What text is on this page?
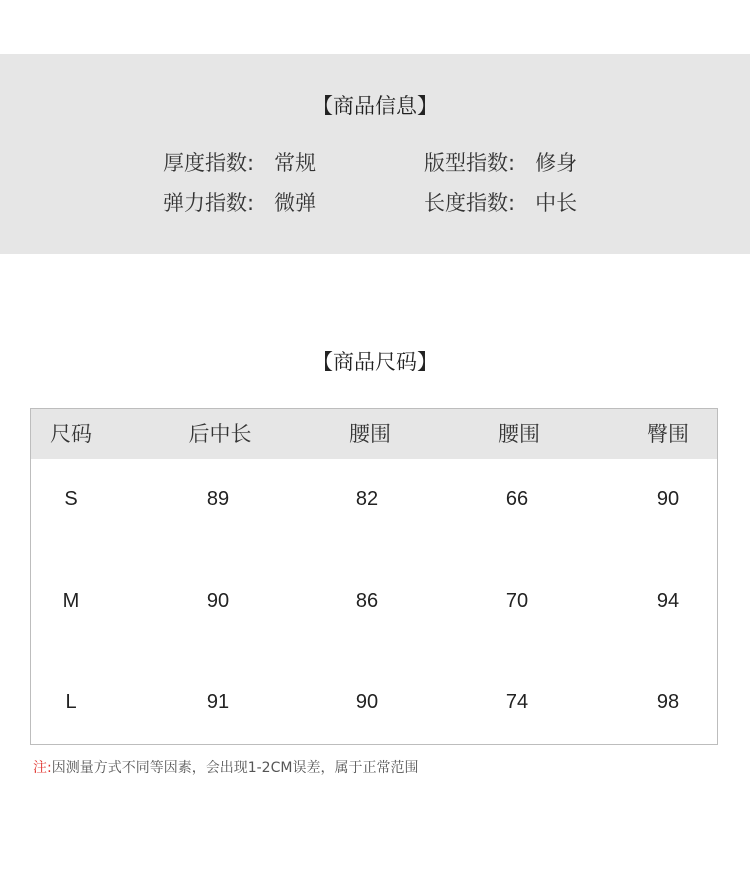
【商品信息】
厚度指数: 常规	版型指数: 修身
弹力指数: 微弹	长度指数: 中长
【商品尺码】
尺码	后中长	腰围	腰围	臀围
S	89	82	66	90
M	90	86	70	94
L	91	90	74	98
注:因测量方式不同等因素，会出现1-2CM误差，属于正常范围
